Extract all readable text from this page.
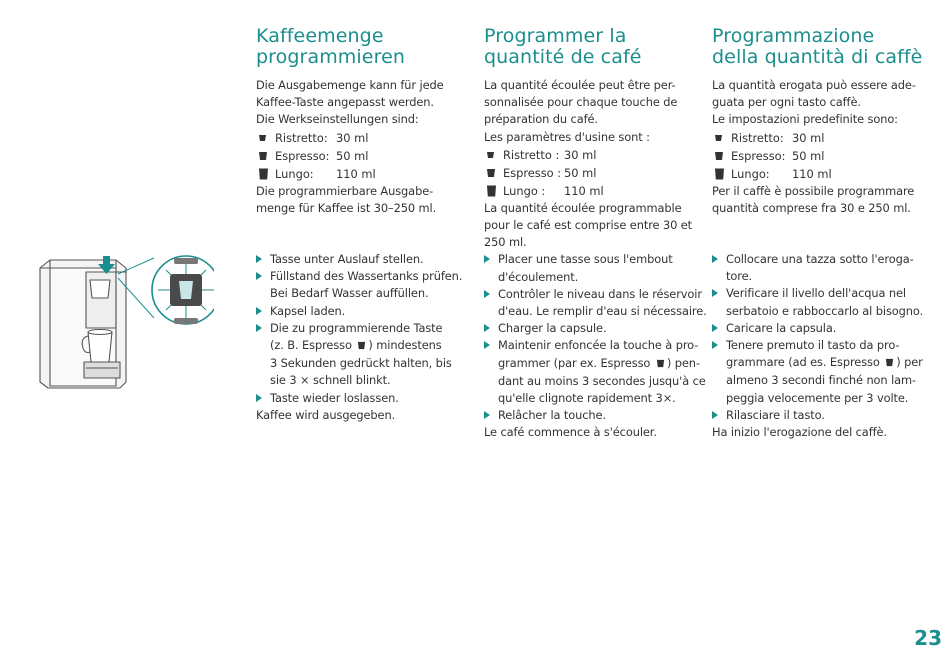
Kaffeemenge
programmieren

Die Ausgabemenge kann für jede
Kaffee-Taste angepasst werden.
Die Werkseinstellungen sind:

Ristretto: 30 ml
Espresso: 50 ml
Lungo:	110 ml

Die programmierbare Ausgabe-
menge für Kaffee ist 30–250 ml.

Tasse unter Auslauf stellen.
Füllstand des Wassertanks prüfen.
Bei Bedarf Wasser auffüllen.
Kapsel laden.
Die zu programmierende Taste
(z. B. Espresso ) mindestens
3 Sekunden gedrückt halten, bis
sie 3 × schnell blinkt.
Taste wieder loslassen.

Kaffee wird ausgegeben.

Programmer la
quantité de café

La quantité écoulée peut être per-
sonnalisée pour chaque touche de
préparation du café.
Les paramètres d'usine sont :

Ristretto : 30 ml
Espresso : 50 ml
Lungo :	110 ml

La quantité écoulée programmable
pour le café est comprise entre 30 et
250 ml.

Placer une tasse sous l'embout
d'écoulement.
Contrôler le niveau dans le réservoir
d'eau. Le remplir d'eau si nécessaire.
Charger la capsule.
Maintenir enfoncée la touche à pro-
grammer (par ex. Espresso ) pen-
dant au moins 3 secondes jusqu'à ce
qu'elle clignote rapidement 3×.
Relâcher la touche.

Le café commence à s'écouler.

Programmazione
della quantità di caffè

La quantità erogata può essere ade-
guata per ogni tasto caffè.
Le impostazioni predefinite sono:

Ristretto: 30 ml
Espresso: 50 ml
Lungo:	110 ml

Per il caffè è possibile programmare
quantità comprese fra 30 e 250 ml.

Collocare una tazza sotto l'eroga-
tore.
Verificare il livello dell'acqua nel
serbatoio e rabboccarlo al bisogno.
Caricare la capsula.
Tenere premuto il tasto da pro-
grammare (ad es. Espresso ) per
almeno 3 secondi finché non lam-
peggia velocemente per 3 volte.
Rilasciare il tasto.

Ha inizio l'erogazione del caffè.

23
